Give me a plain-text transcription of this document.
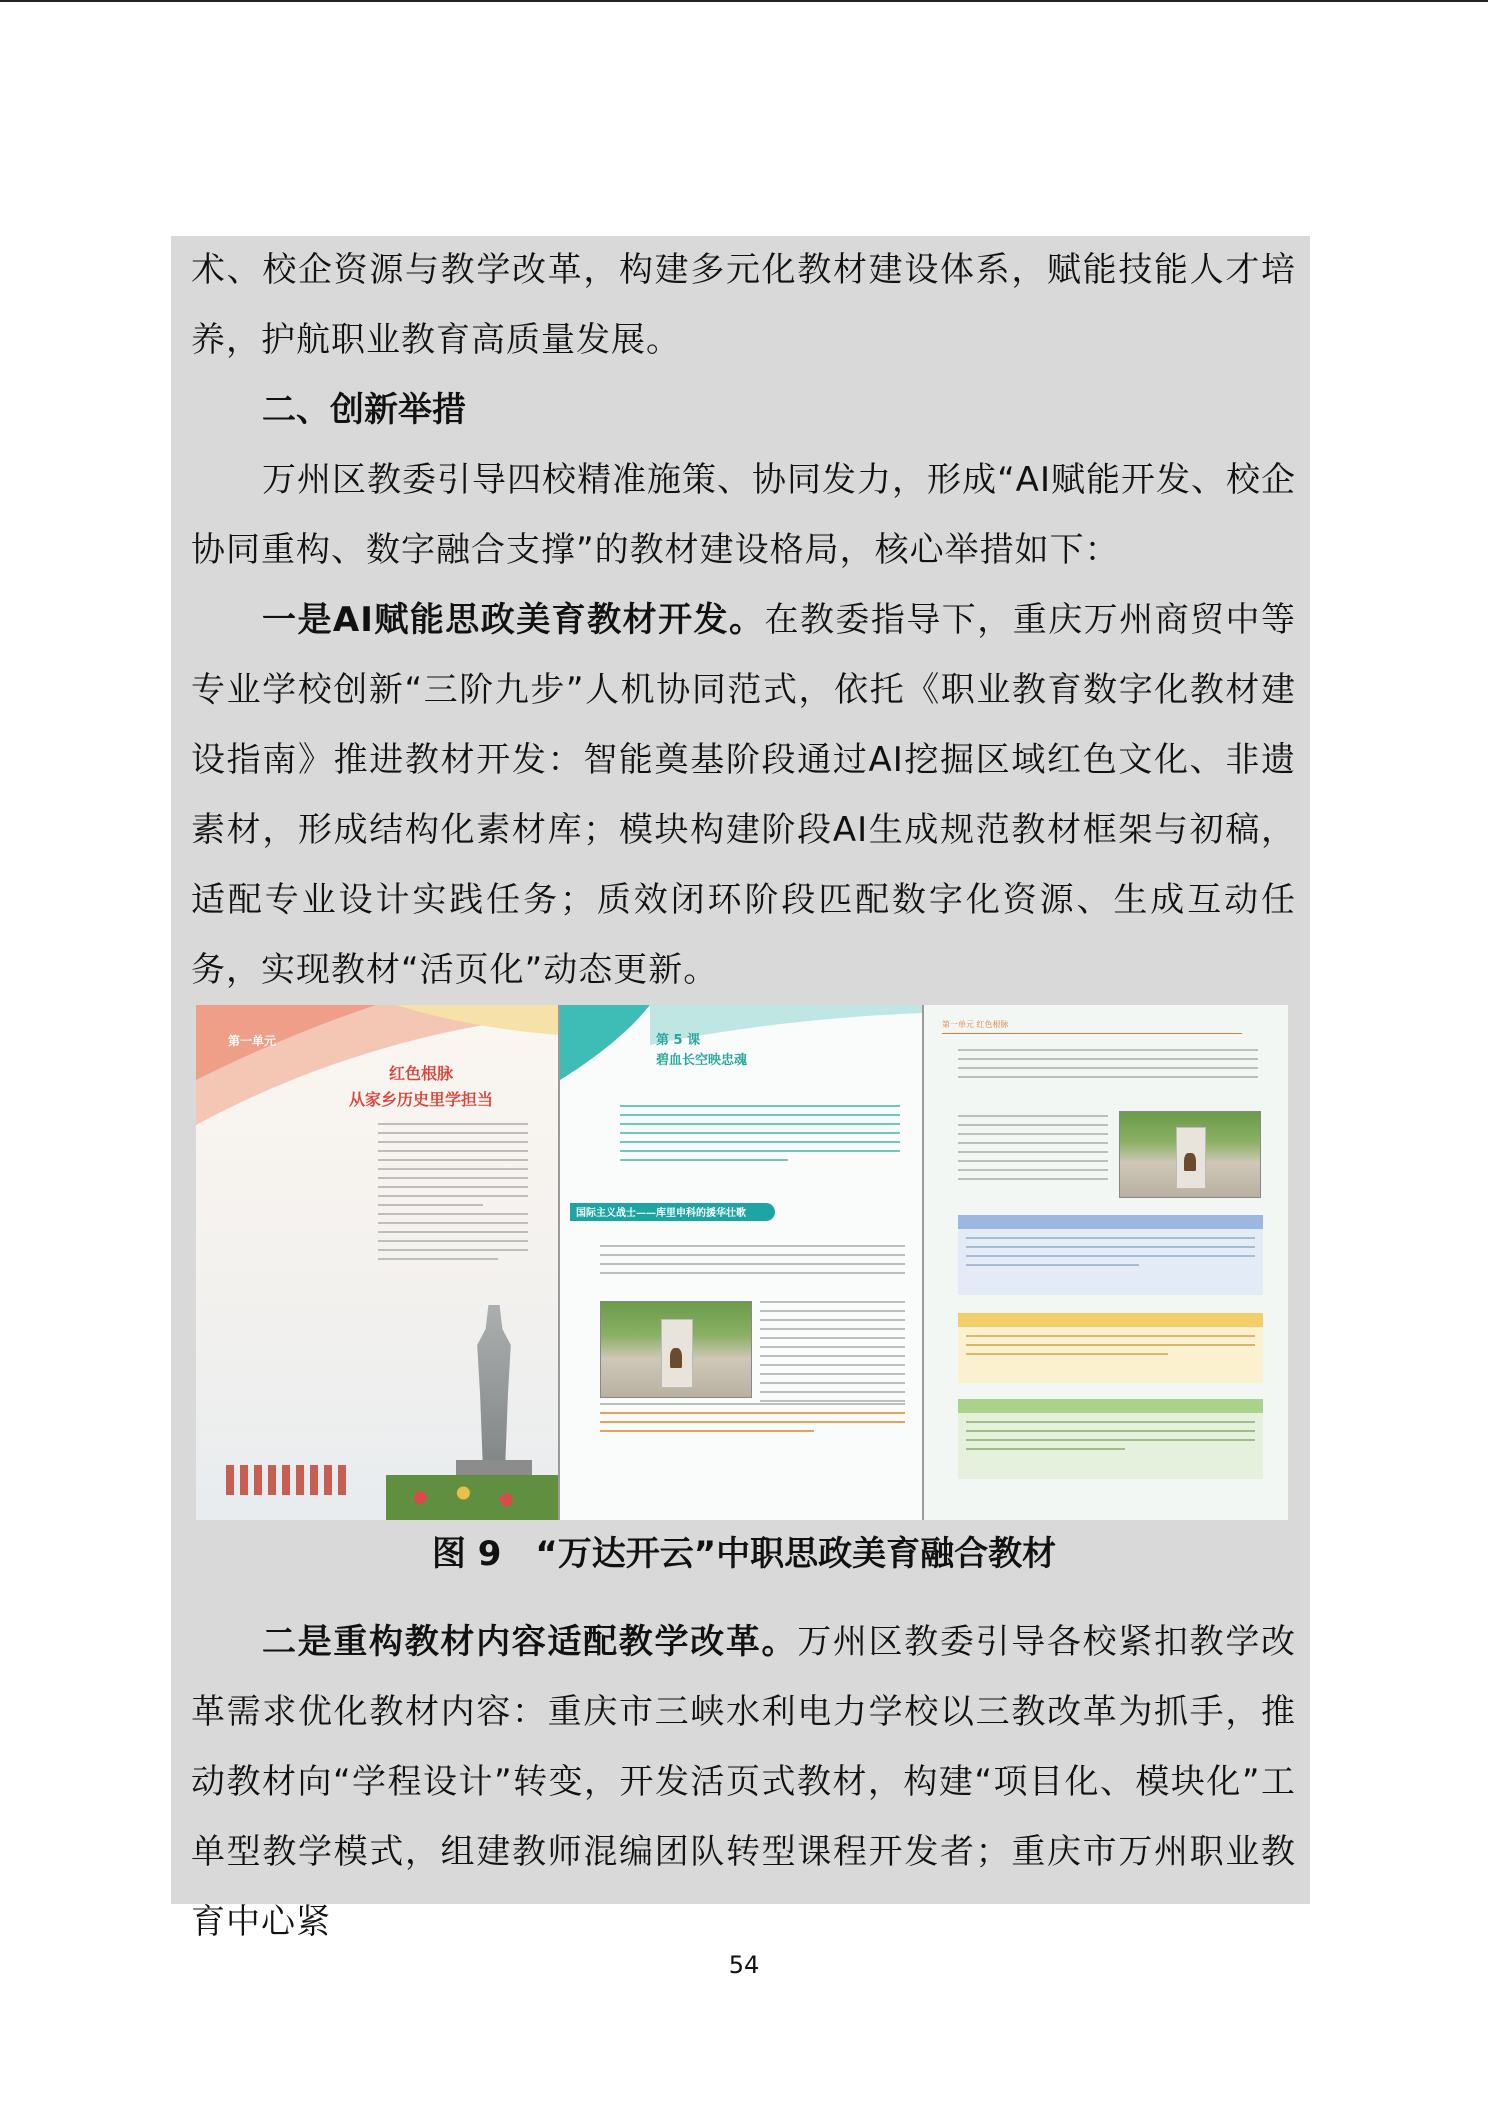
术、校企资源与教学改革，构建多元化教材建设体系，赋能技能人才培养，护航职业教育高质量发展。

二、创新举措

万州区教委引导四校精准施策、协同发力，形成“AI赋能开发、校企协同重构、数字融合支撑”的教材建设格局，核心举措如下：

一是AI赋能思政美育教材开发。在教委指导下，重庆万州商贸中等专业学校创新“三阶九步”人机协同范式，依托《职业教育数字化教材建设指南》推进教材开发：智能奠基阶段通过AI挖掘区域红色文化、非遗素材，形成结构化素材库；模块构建阶段AI生成规范教材框架与初稿，适配专业设计实践任务；质效闭环阶段匹配数字化资源、生成互动任务，实现教材“活页化”动态更新。

第一单元
红色根脉
从家乡历史里学担当
第 5 课
碧血长空映忠魂
国际主义战士——库里申科的援华壮歌
第一单元 红色根脉

图 9　“万达开云”中职思政美育融合教材

二是重构教材内容适配教学改革。万州区教委引导各校紧扣教学改革需求优化教材内容：重庆市三峡水利电力学校以三教改革为抓手，推动教材向“学程设计”转变，开发活页式教材，构建“项目化、模块化”工单型教学模式，组建教师混编团队转型课程开发者；重庆市万州职业教育中心紧

54
